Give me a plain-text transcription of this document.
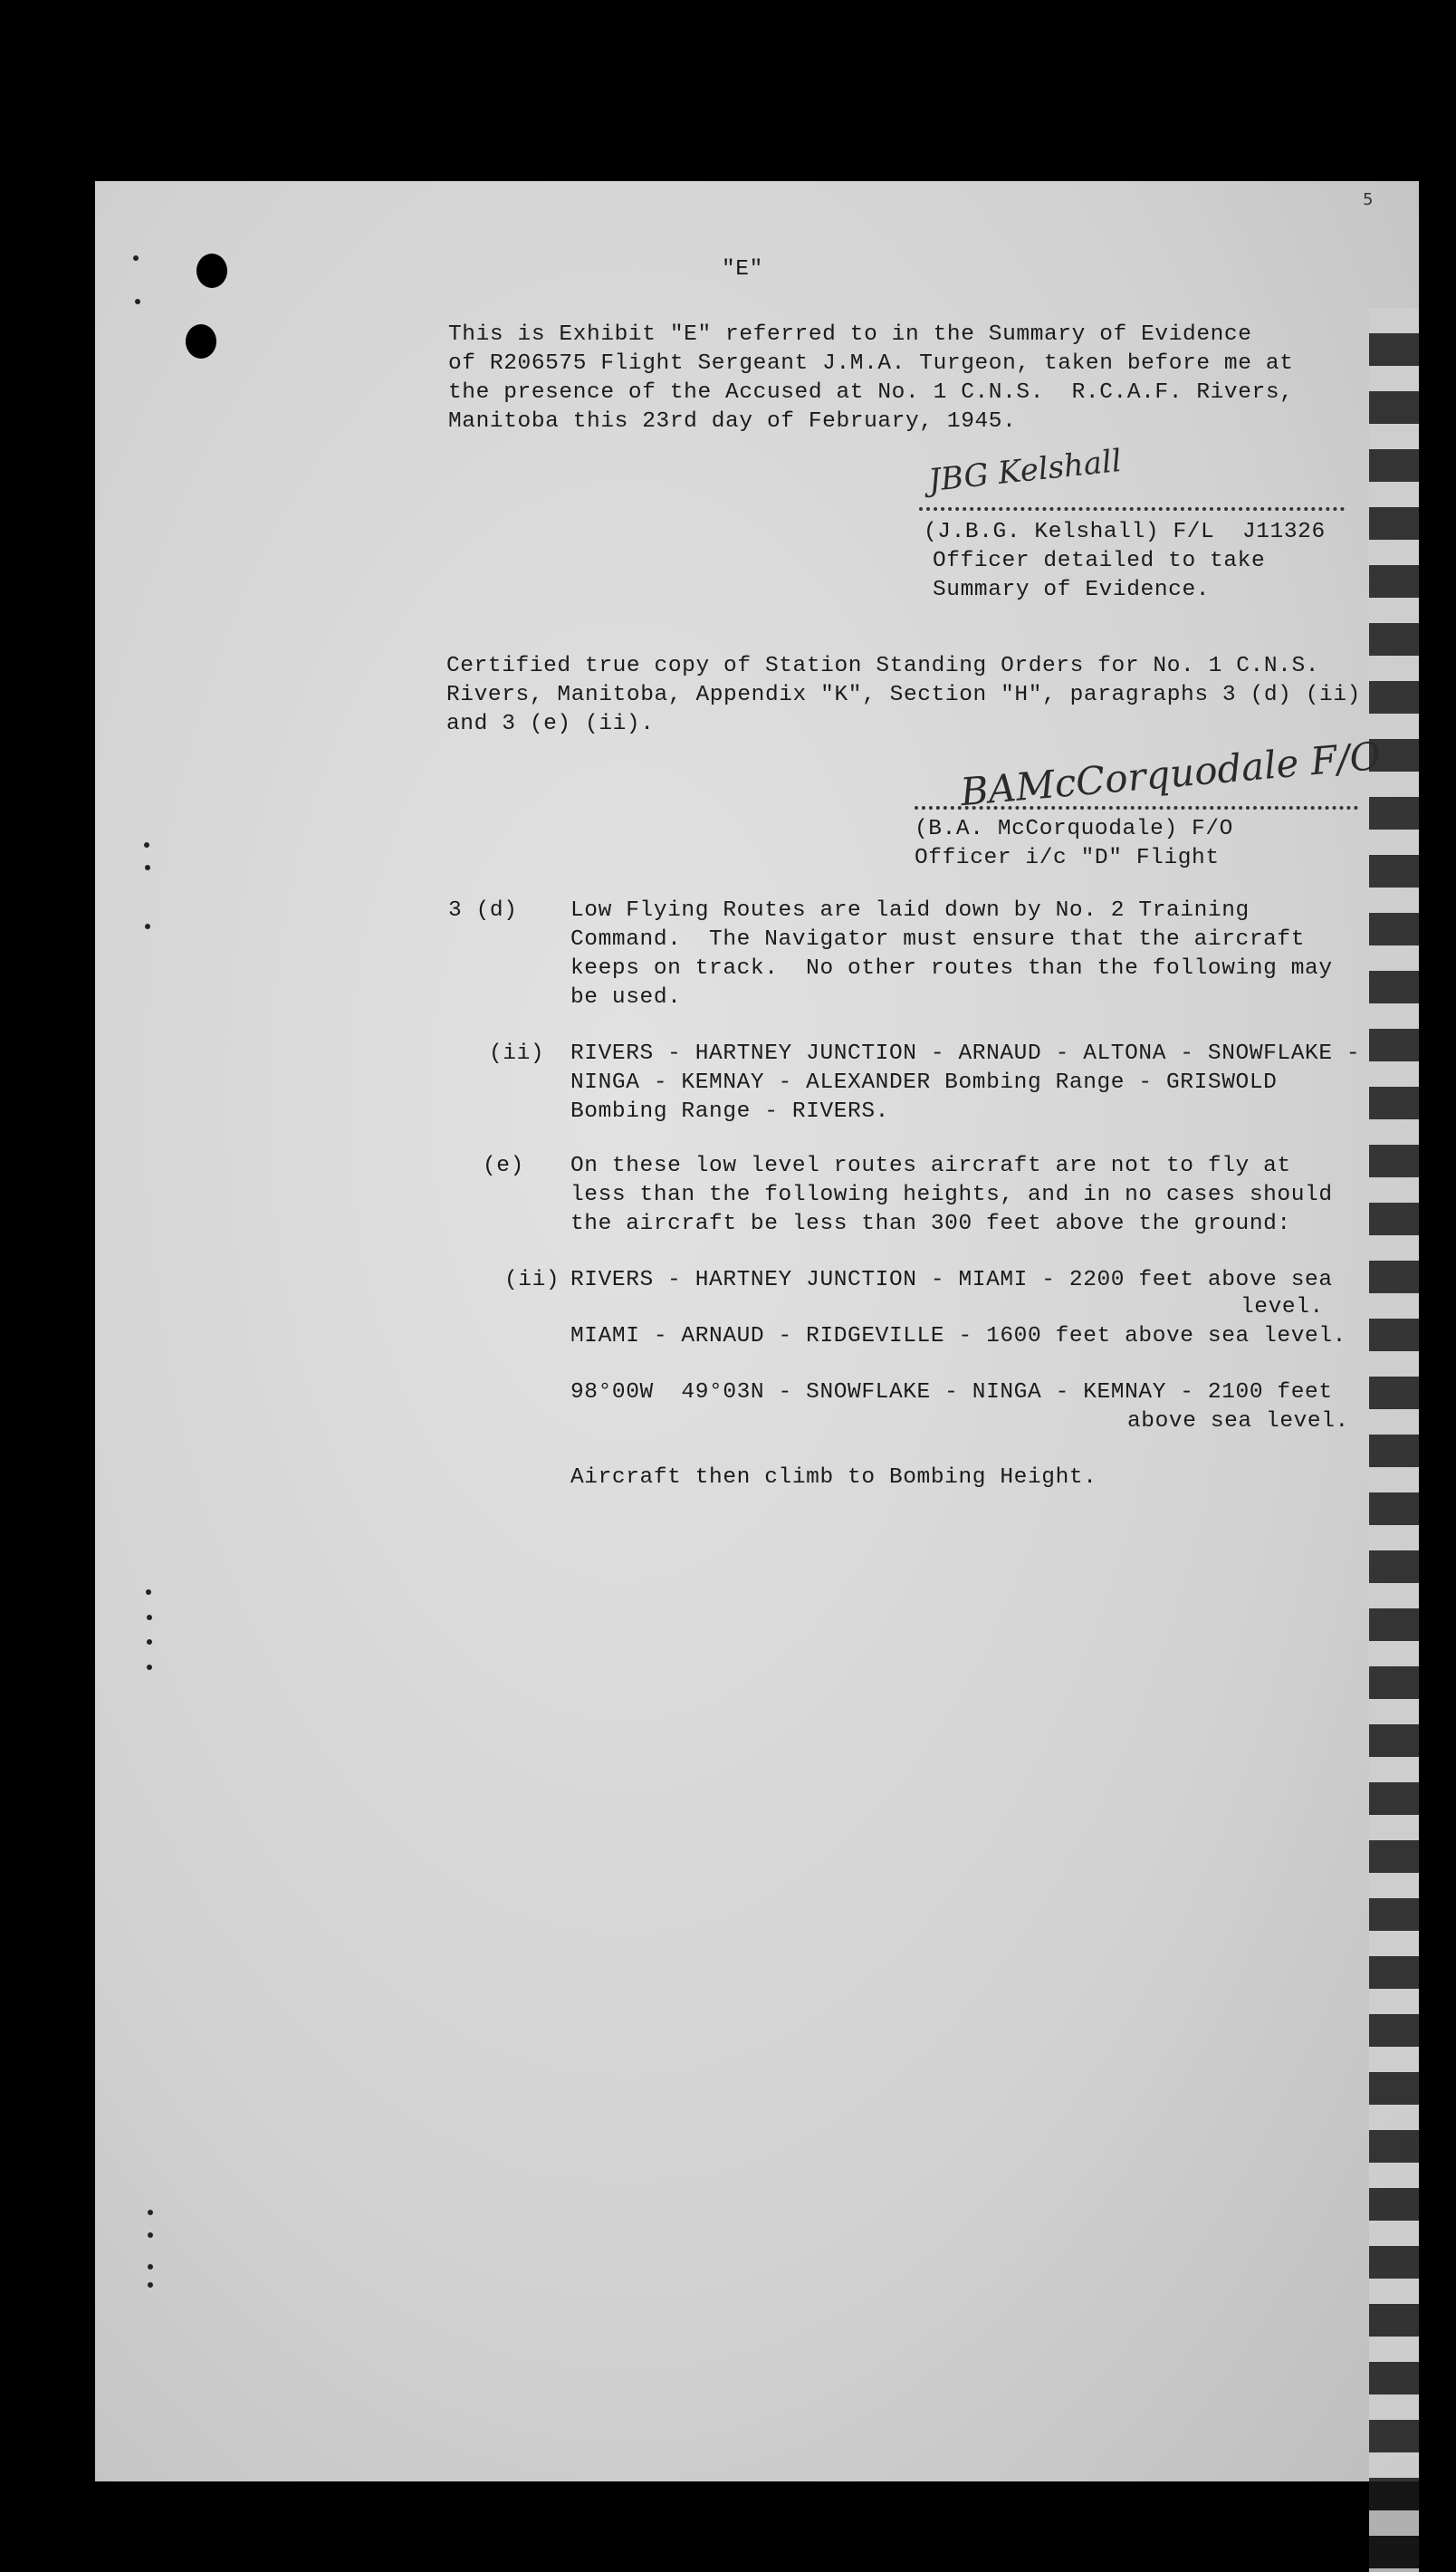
5
"E"
This is Exhibit "E" referred to in the Summary of Evidence
of R206575 Flight Sergeant J.M.A. Turgeon, taken before me at
the presence of the Accused at No. 1 C.N.S.  R.C.A.F. Rivers,
Manitoba this 23rd day of February, 1945.
JBG Kelshall
(J.B.G. Kelshall) F/L  J11326
Officer detailed to take
Summary of Evidence.
Certified true copy of Station Standing Orders for No. 1 C.N.S.
Rivers, Manitoba, Appendix "K", Section "H", paragraphs 3 (d) (ii)
and 3 (e) (ii).
BAMcCorquodale F/O
(B.A. McCorquodale) F/O
Officer i/c "D" Flight
3 (d) Low Flying Routes are laid down by No. 2 Training
Command.  The Navigator must ensure that the aircraft
keeps on track.  No other routes than the following may
be used.
(ii) RIVERS - HARTNEY JUNCTION - ARNAUD - ALTONA - SNOWFLAKE -
NINGA - KEMNAY - ALEXANDER Bombing Range - GRISWOLD
Bombing Range - RIVERS.
(e) On these low level routes aircraft are not to fly at
less than the following heights, and in no cases should
the aircraft be less than 300 feet above the ground:
(ii) RIVERS - HARTNEY JUNCTION - MIAMI - 2200 feet above sea
level.
MIAMI - ARNAUD - RIDGEVILLE - 1600 feet above sea level.
98°00W  49°03N - SNOWFLAKE - NINGA - KEMNAY - 2100 feet
above sea level.
Aircraft then climb to Bombing Height.
